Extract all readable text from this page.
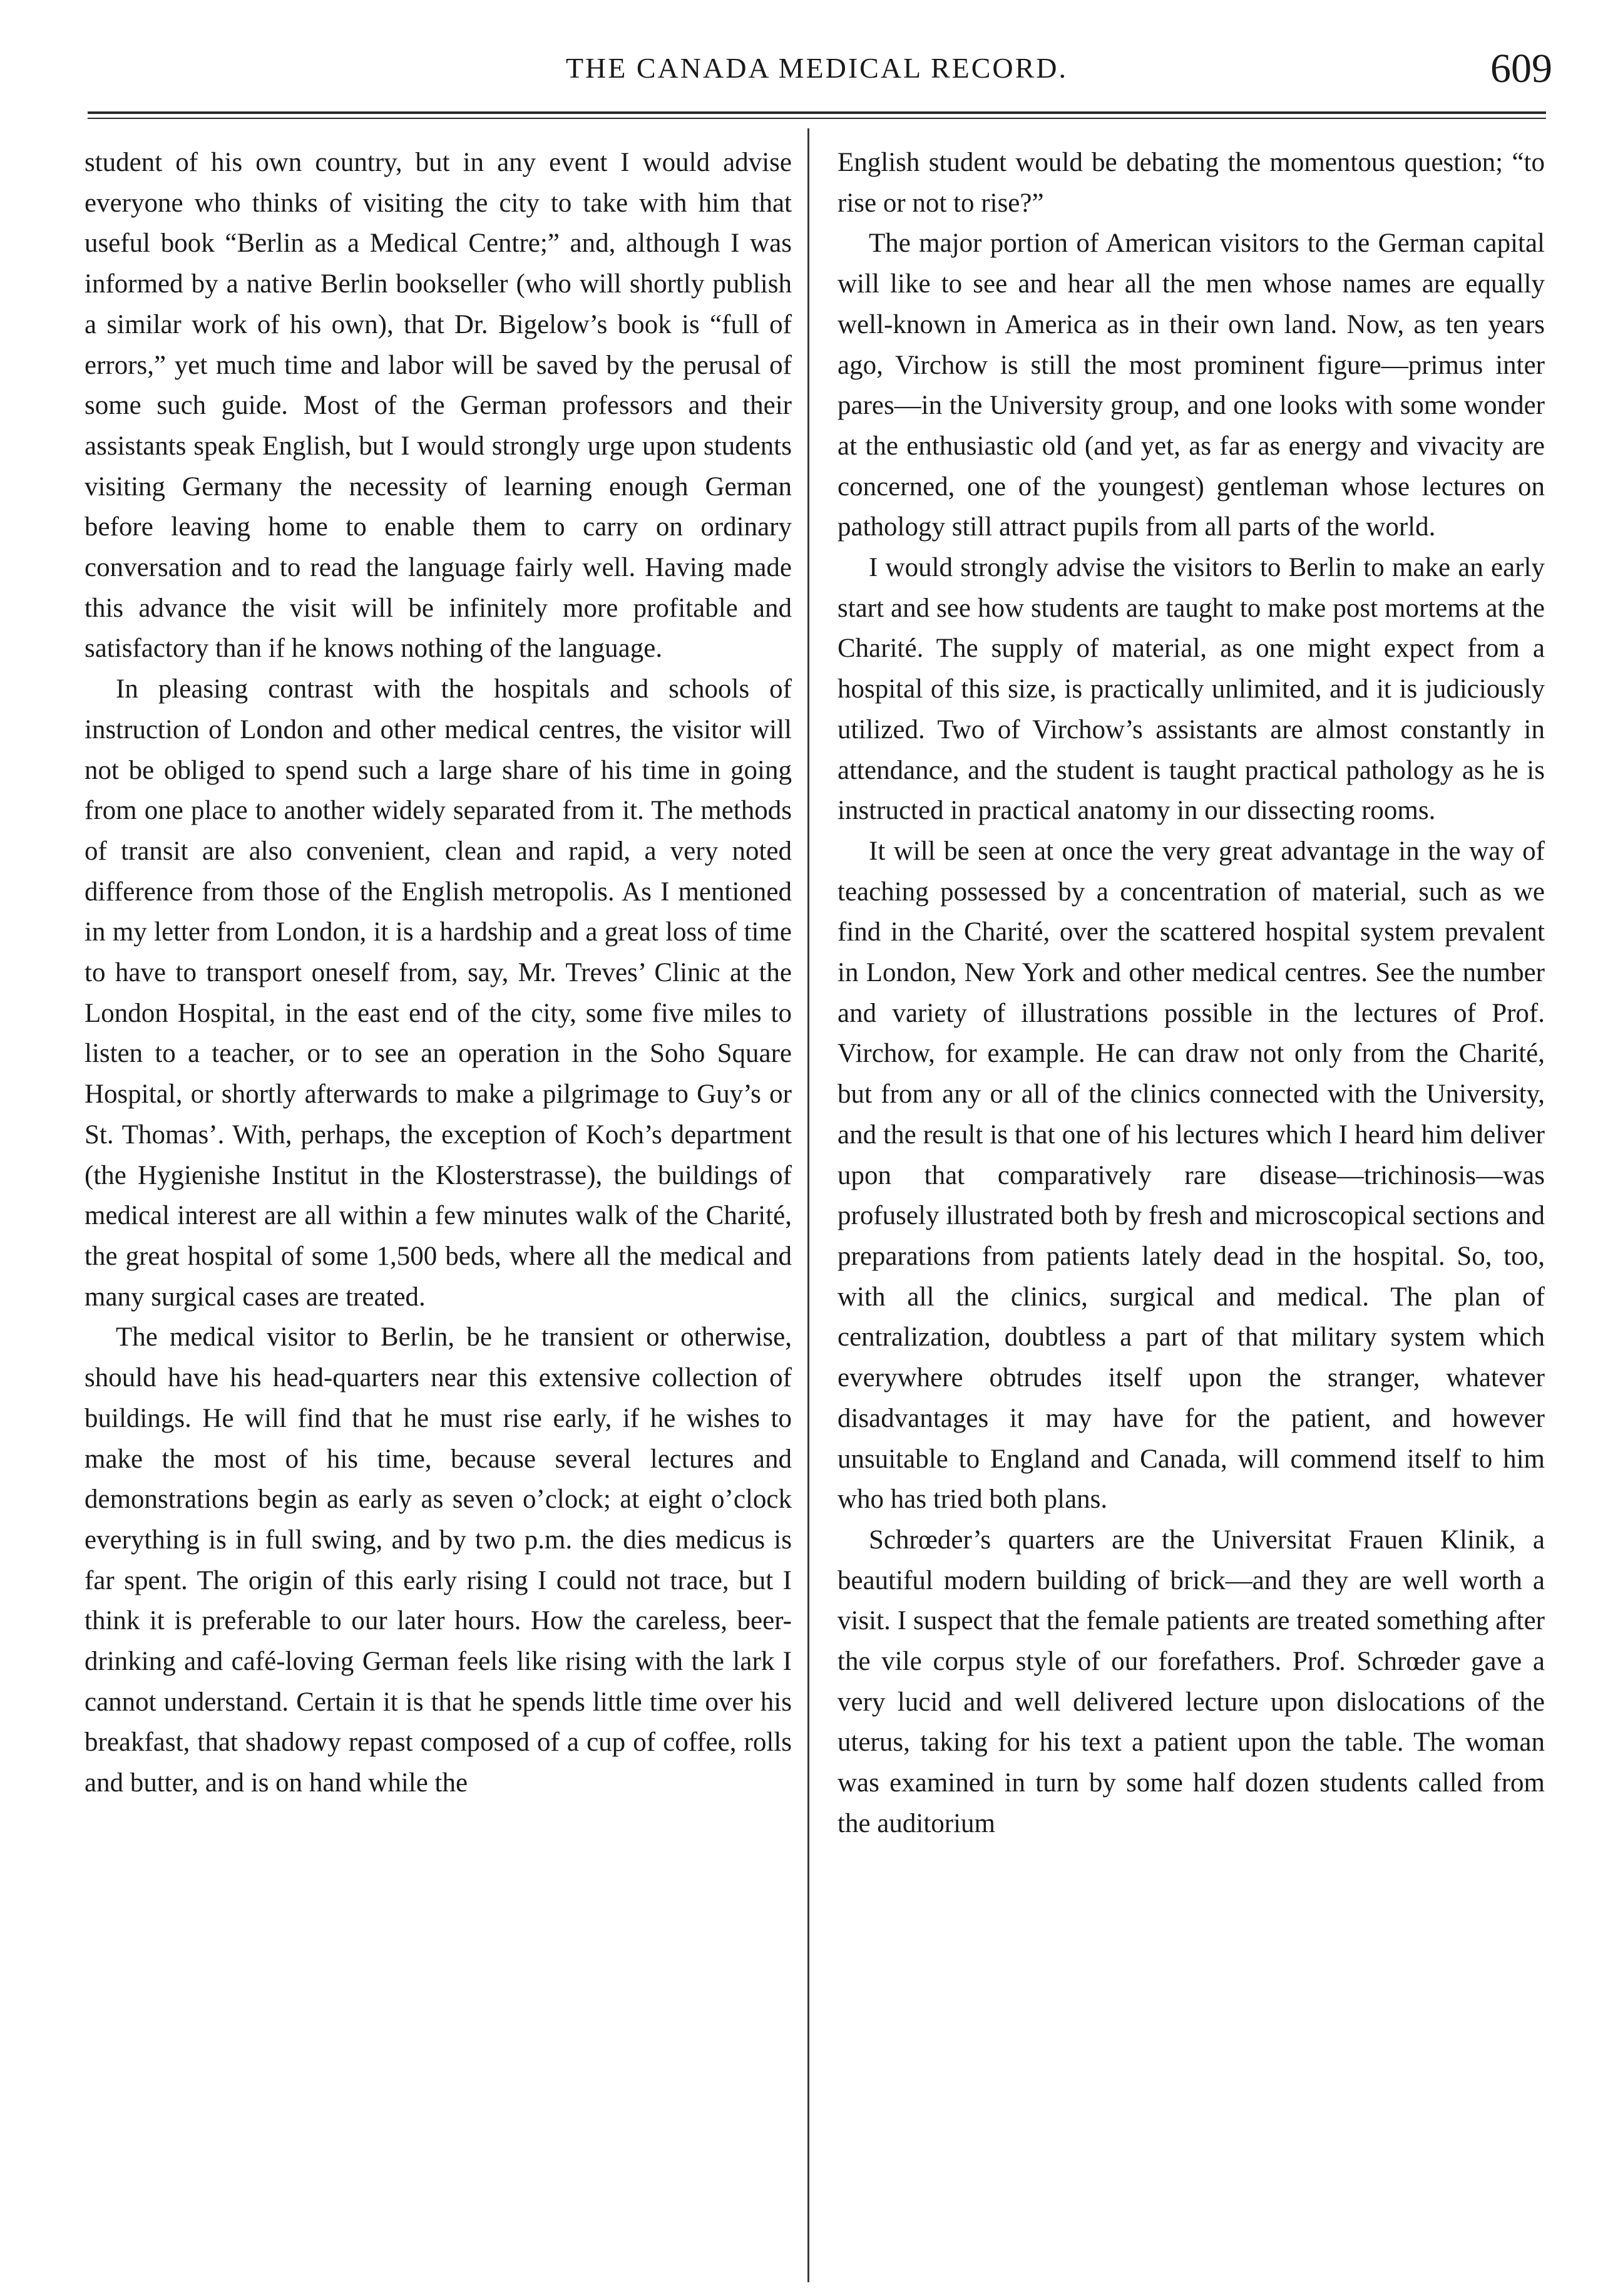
THE CANADA MEDICAL RECORD.	609

student of his own country, but in any event I would advise everyone who thinks of visiting the city to take with him that useful book “Berlin as a Medical Centre;” and, although I was informed by a native Berlin bookseller (who will shortly publish a similar work of his own), that Dr. Bigelow’s book is “full of errors,” yet much time and labor will be saved by the perusal of some such guide. Most of the German professors and their assistants speak English, but I would strongly urge upon students visiting Germany the necessity of learning enough German before leaving home to enable them to carry on ordinary conversation and to read the language fairly well. Having made this advance the visit will be infinitely more profitable and satisfactory than if he knows nothing of the language.

In pleasing contrast with the hospitals and schools of instruction of London and other medical centres, the visitor will not be obliged to spend such a large share of his time in going from one place to another widely separated from it. The methods of transit are also convenient, clean and rapid, a very noted difference from those of the English metropolis. As I mentioned in my letter from London, it is a hardship and a great loss of time to have to transport oneself from, say, Mr. Treves’ Clinic at the London Hospital, in the east end of the city, some five miles to listen to a teacher, or to see an operation in the Soho Square Hospital, or shortly afterwards to make a pilgrimage to Guy’s or St. Thomas’. With, perhaps, the exception of Koch’s department (the Hygienishe Institut in the Klosterstrasse), the buildings of medical interest are all within a few minutes walk of the Charité, the great hospital of some 1,500 beds, where all the medical and many surgical cases are treated.

The medical visitor to Berlin, be he transient or otherwise, should have his head-quarters near this extensive collection of buildings. He will find that he must rise early, if he wishes to make the most of his time, because several lectures and demonstrations begin as early as seven o’clock; at eight o’clock everything is in full swing, and by two p.m. the dies medicus is far spent. The origin of this early rising I could not trace, but I think it is preferable to our later hours. How the careless, beer-drinking and café-loving German feels like rising with the lark I cannot understand. Certain it is that he spends little time over his breakfast, that shadowy repast composed of a cup of coffee, rolls and butter, and is on hand while the

English student would be debating the momentous question; “to rise or not to rise?”

The major portion of American visitors to the German capital will like to see and hear all the men whose names are equally well-known in America as in their own land. Now, as ten years ago, Virchow is still the most prominent figure—primus inter pares—in the University group, and one looks with some wonder at the enthusiastic old (and yet, as far as energy and vivacity are concerned, one of the youngest) gentleman whose lectures on pathology still attract pupils from all parts of the world.

I would strongly advise the visitors to Berlin to make an early start and see how students are taught to make post mortems at the Charité. The supply of material, as one might expect from a hospital of this size, is practically unlimited, and it is judiciously utilized. Two of Virchow’s assistants are almost constantly in attendance, and the student is taught practical pathology as he is instructed in practical anatomy in our dissecting rooms.

It will be seen at once the very great advantage in the way of teaching possessed by a concentration of material, such as we find in the Charité, over the scattered hospital system prevalent in London, New York and other medical centres. See the number and variety of illustrations possible in the lectures of Prof. Virchow, for example. He can draw not only from the Charité, but from any or all of the clinics connected with the University, and the result is that one of his lectures which I heard him deliver upon that comparatively rare disease—trichinosis—was profusely illustrated both by fresh and microscopical sections and preparations from patients lately dead in the hospital. So, too, with all the clinics, surgical and medical. The plan of centralization, doubtless a part of that military system which everywhere obtrudes itself upon the stranger, whatever disadvantages it may have for the patient, and however unsuitable to England and Canada, will commend itself to him who has tried both plans.

Schrœder’s quarters are the Universitat Frauen Klinik, a beautiful modern building of brick—and they are well worth a visit. I suspect that the female patients are treated something after the vile corpus style of our forefathers. Prof. Schrœder gave a very lucid and well delivered lecture upon dislocations of the uterus, taking for his text a patient upon the table. The woman was examined in turn by some half dozen students called from the auditorium
